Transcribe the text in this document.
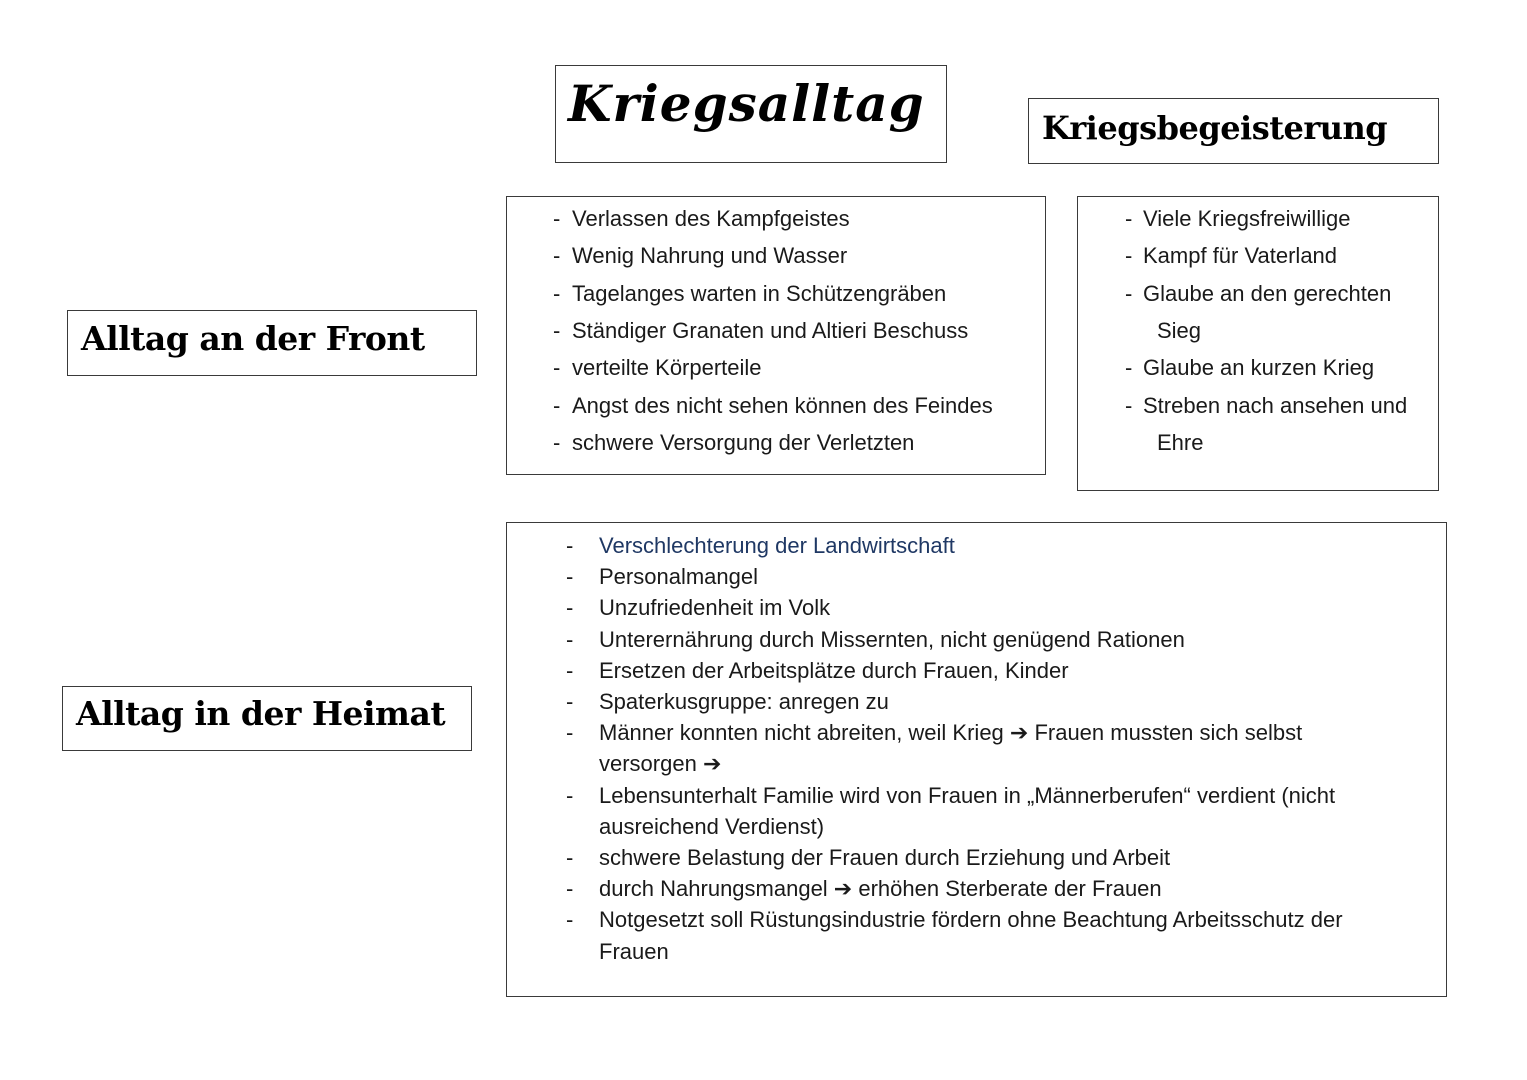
Kriegsalltag	Kriegsbegeisterung
Alltag an der Front
Alltag in der Heimat
- Verlassen des Kampfgeistes
- Wenig Nahrung und Wasser
- Tagelanges warten in Schützengräben
- Ständiger Granaten und Altieri Beschuss
- verteilte Körperteile
- Angst des nicht sehen können des Feindes
- schwere Versorgung der Verletzten
- Viele Kriegsfreiwillige
- Kampf für Vaterland
- Glaube an den gerechten
Sieg
- Glaube an kurzen Krieg
- Streben nach ansehen und
Ehre
- Verschlechterung der Landwirtschaft
- Personalmangel
- Unzufriedenheit im Volk
- Unterernährung durch Missernten, nicht genügend Rationen
- Ersetzen der Arbeitsplätze durch Frauen, Kinder
- Spaterkusgruppe: anregen zu
- Männer konnten nicht abreiten, weil Krieg ➔ Frauen mussten sich selbst
versorgen ➔
- Lebensunterhalt Familie wird von Frauen in „Männerberufen“ verdient (nicht
ausreichend Verdienst)
- schwere Belastung der Frauen durch Erziehung und Arbeit
- durch Nahrungsmangel ➔ erhöhen Sterberate der Frauen
- Notgesetzt soll Rüstungsindustrie fördern ohne Beachtung Arbeitsschutz der
Frauen
